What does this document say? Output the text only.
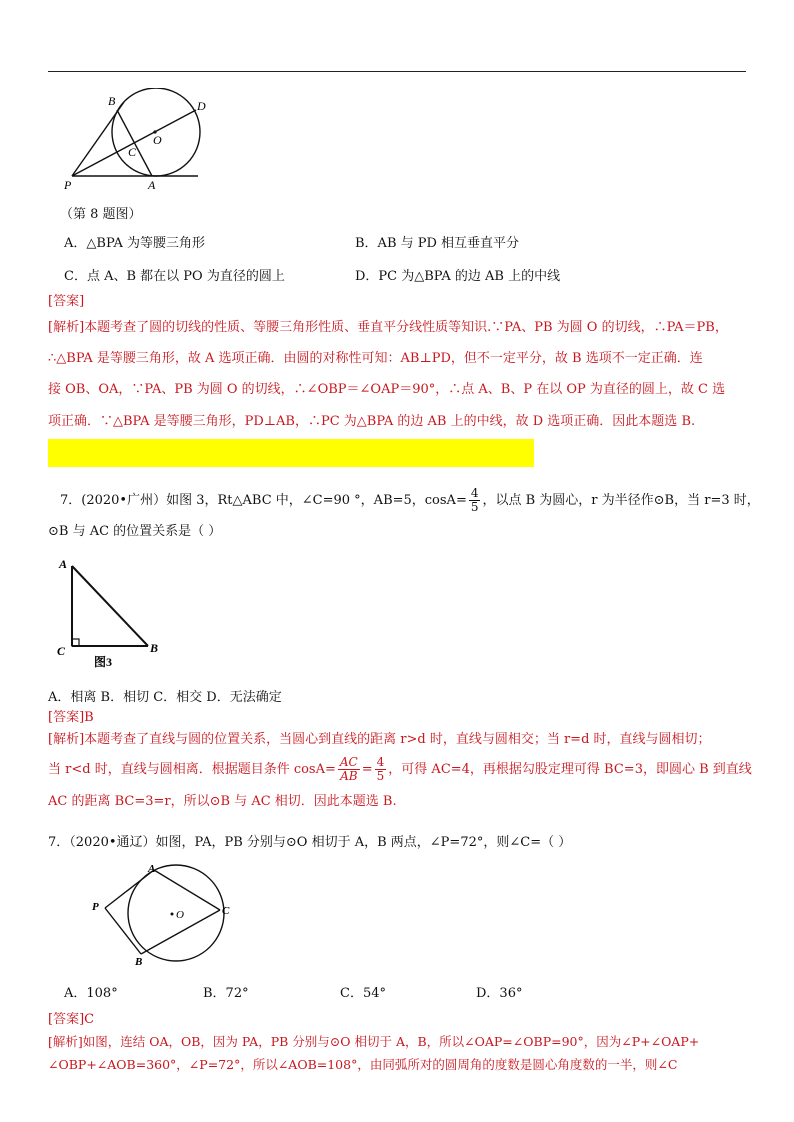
B	D
O
C
P	A
（第 8 题图）
A．△BPA 为等腰三角形	B．AB 与 PD 相互垂直平分
C．点 A、B 都在以 PO 为直径的圆上	D．PC 为△BPA 的边 AB 上的中线
[答案]
[解析]本题考查了圆的切线的性质、等腰三角形性质、垂直平分线性质等知识.∵PA、PB 为圆 O 的切线，∴PA＝PB，
∴△BPA 是等腰三角形，故 A 选项正确．由圆的对称性可知：AB⊥PD，但不一定平分，故 B 选项不一定正确．连
接 OB、OA，∵PA、PB 为圆 O 的切线，∴∠OBP＝∠OAP＝90°，∴点 A、B、P 在以 OP 为直径的圆上，故 C 选
项正确．∵△BPA 是等腰三角形，PD⊥AB，∴PC 为△BPA 的边 AB 上的中线，故 D 选项正确．因此本题选 B.
7．(2020•广州）如图 3，Rt△ABC 中，∠C=90 °，AB=5，$\cos A= \frac{4}{5}$ ，以点 B 为圆心，r 为半径作⊙B，当 r=3 时，
⊙B 与 AC 的位置关系是（ ）
A
C	B
图3
A．相离 B．相切 C．相交 D．无法确定
[答案]B
[解析]本题考查了直线与圆的位置关系，当圆心到直线的距离 r>d 时，直线与圆相交；当 r=d 时，直线与圆相切；
当 r<d 时，直线与圆相离．根据题目条件 $\cos A= \frac{AC}{AB} = \frac{4}{5}$ ，可得 AC=4，再根据勾股定理可得 BC=3，即圆心 B 到直线
AC 的距离 BC=3=r，所以⊙B 与 AC 相切．因此本题选 B.
7．（2020•通辽）如图，PA，PB 分别与⊙O 相切于 A，B 两点，∠P=72°，则∠C=（ ）
A
P
O	C
B
A．108°	B．72°	C．54°	D．36°
[答案]C
[解析]如图，连结 OA，OB，因为 PA，PB 分别与⊙O 相切于 A，B，所以∠OAP=∠OBP=90°，因为∠P+∠OAP+
∠OBP+∠AOB=360°，∠P=72°，所以∠AOB=108°，由同弧所对的圆周角的度数是圆心角度数的一半，则∠C
